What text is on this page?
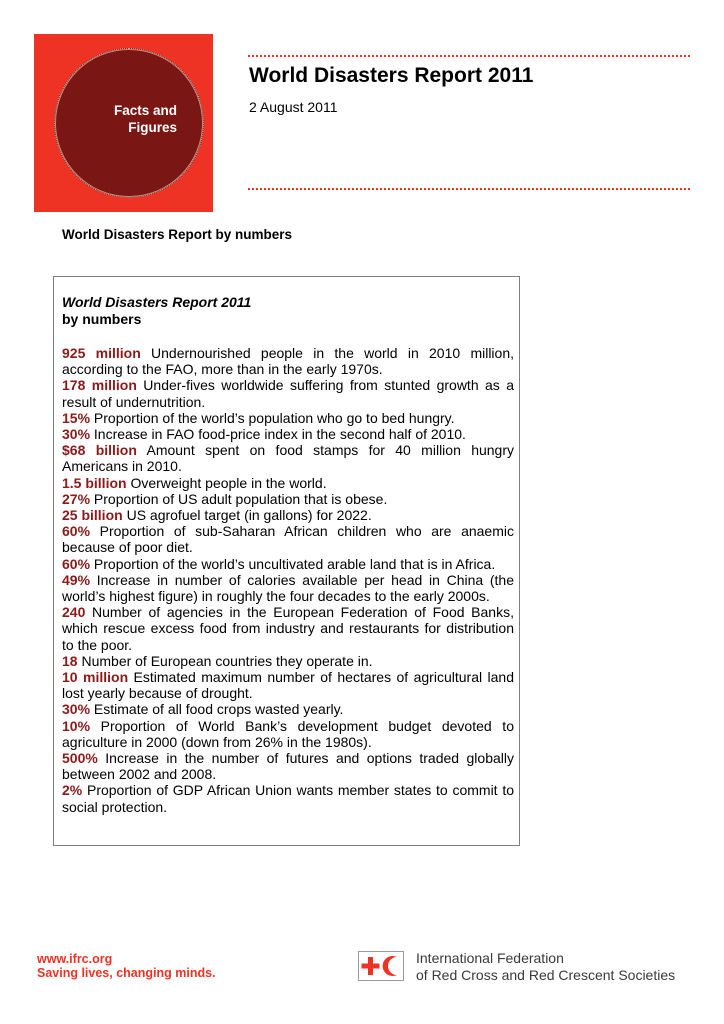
Facts and
Figures
World Disasters Report 2011
2 August 2011
World Disasters Report by numbers
World Disasters Report 2011
by numbers
925 million Undernourished people in the world in 2010 million, according to the FAO, more than in the early 1970s.
178 million Under-fives worldwide suffering from stunted growth as a result of undernutrition.
15% Proportion of the world’s population who go to bed hungry.
30% Increase in FAO food-price index in the second half of 2010.
$68 billion Amount spent on food stamps for 40 million hungry Americans in 2010.
1.5 billion Overweight people in the world.
27% Proportion of US adult population that is obese.
25 billion US agrofuel target (in gallons) for 2022.
60% Proportion of sub-Saharan African children who are anaemic because of poor diet.
60% Proportion of the world’s uncultivated arable land that is in Africa.
49% Increase in number of calories available per head in China (the world’s highest figure) in roughly the four decades to the early 2000s.
240 Number of agencies in the European Federation of Food Banks, which rescue excess food from industry and restaurants for distribution to the poor.
18 Number of European countries they operate in.
10 million Estimated maximum number of hectares of agricultural land lost yearly because of drought.
30% Estimate of all food crops wasted yearly.
10% Proportion of World Bank’s development budget devoted to agriculture in 2000 (down from 26% in the 1980s).
500% Increase in the number of futures and options traded globally between 2002 and 2008.
2% Proportion of GDP African Union wants member states to commit to social protection.
www.ifrc.org
Saving lives, changing minds.
International Federation
of Red Cross and Red Crescent Societies
